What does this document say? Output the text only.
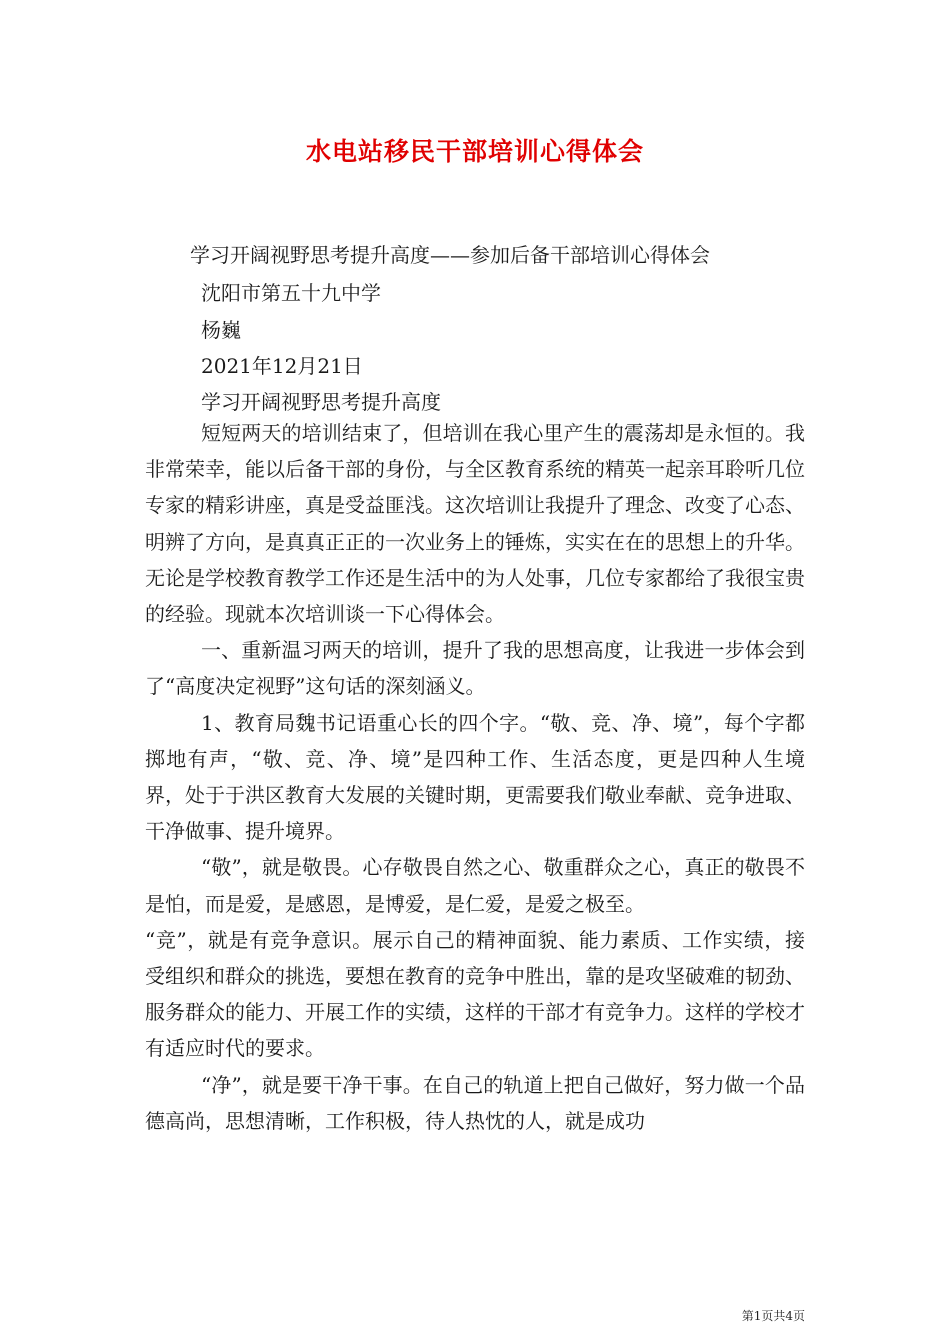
水电站移民干部培训心得体会
学习开阔视野思考提升高度——参加后备干部培训心得体会
沈阳市第五十九中学
杨巍
2021年12月21日
学习开阔视野思考提升高度

短短两天的培训结束了，但培训在我心里产生的震荡却是永恒的。我非常荣幸，能以后备干部的身份，与全区教育系统的精英一起亲耳聆听几位专家的精彩讲座，真是受益匪浅。这次培训让我提升了理念、改变了心态、明辨了方向，是真真正正的一次业务上的锤炼，实实在在的思想上的升华。无论是学校教育教学工作还是生活中的为人处事，几位专家都给了我很宝贵的经验。现就本次培训谈一下心得体会。

一、重新温习两天的培训，提升了我的思想高度，让我进一步体会到了“高度决定视野”这句话的深刻涵义。

1、教育局魏书记语重心长的四个字。“敬、竞、净、境”，每个字都掷地有声，“敬、竞、净、境”是四种工作、生活态度，更是四种人生境界，处于于洪区教育大发展的关键时期，更需要我们敬业奉献、竞争进取、干净做事、提升境界。

“敬”，就是敬畏。心存敬畏自然之心、敬重群众之心，真正的敬畏不是怕，而是爱，是感恩，是博爱，是仁爱，是爱之极至。

“竞”，就是有竞争意识。展示自己的精神面貌、能力素质、工作实绩，接受组织和群众的挑选，要想在教育的竞争中胜出，靠的是攻坚破难的韧劲、服务群众的能力、开展工作的实绩，这样的干部才有竞争力。这样的学校才有适应时代的要求。

“净”，就是要干净干事。在自己的轨道上把自己做好，努力做一个品德高尚，思想清晰，工作积极，待人热忱的人，就是成功

第1页共4页
